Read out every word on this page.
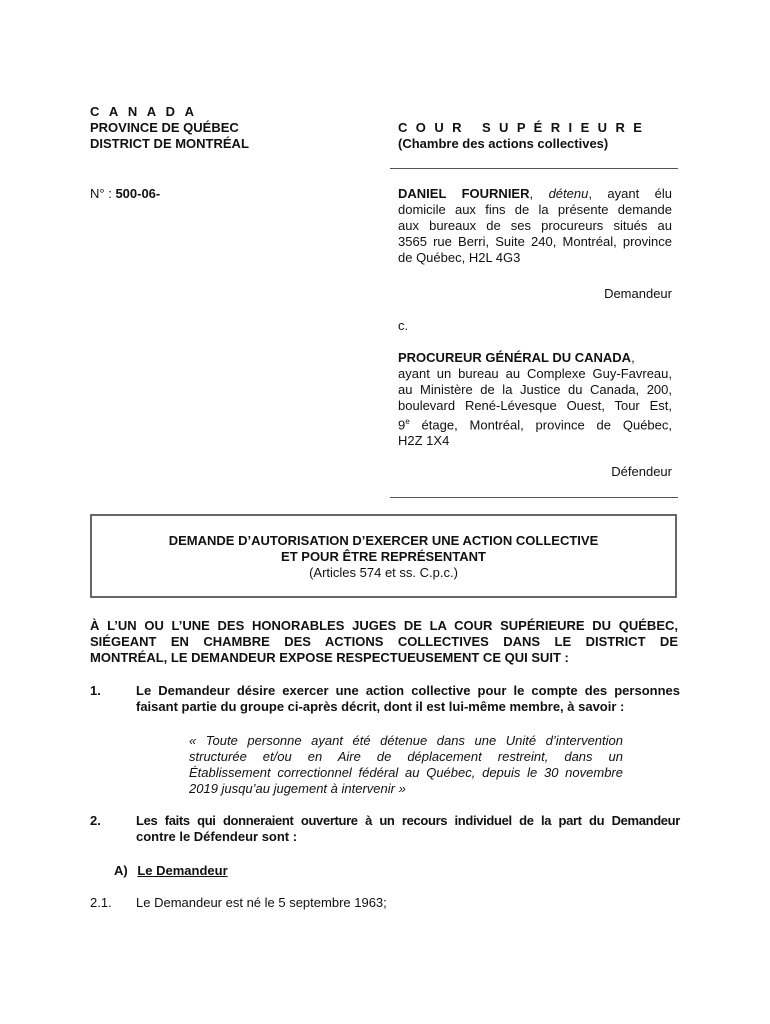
C A N A D A
PROVINCE DE QUÉBEC
DISTRICT DE MONTRÉAL
C O U R   S U P É R I E U R E
(Chambre des actions collectives)
N° : 500-06-	DANIEL FOURNIER, détenu, ayant élu
domicile aux fins de la présente demande
aux bureaux de ses procureurs situés au
3565 rue Berri, Suite 240, Montréal, province
de Québec, H2L 4G3
Demandeur
c.
PROCUREUR GÉNÉRAL DU CANADA,
ayant un bureau au Complexe Guy-Favreau,
au Ministère de la Justice du Canada, 200,
boulevard René-Lévesque Ouest, Tour Est,
9e étage, Montréal, province de Québec,
H2Z 1X4
Défendeur
DEMANDE D’AUTORISATION D’EXERCER UNE ACTION COLLECTIVE
ET POUR ÊTRE REPRÉSENTANT
(Articles 574 et ss. C.p.c.)
À L’UN OU L’UNE DES HONORABLES JUGES DE LA COUR SUPÉRIEURE DU QUÉBEC,
SIÉGEANT EN CHAMBRE DES ACTIONS COLLECTIVES DANS LE DISTRICT DE
MONTRÉAL, LE DEMANDEUR EXPOSE RESPECTUEUSEMENT CE QUI SUIT :
1.	Le Demandeur désire exercer une action collective pour le compte des personnes
faisant partie du groupe ci-après décrit, dont il est lui-même membre, à savoir :
« Toute personne ayant été détenue dans une Unité d’intervention
structurée et/ou en Aire de déplacement restreint, dans un
Établissement correctionnel fédéral au Québec, depuis le 30 novembre
2019 jusqu’au jugement à intervenir »
2.	Les faits qui donneraient ouverture à un recours individuel de la part du Demandeur
contre le Défendeur sont :
A) Le Demandeur
2.1. Le Demandeur est né le 5 septembre 1963;
